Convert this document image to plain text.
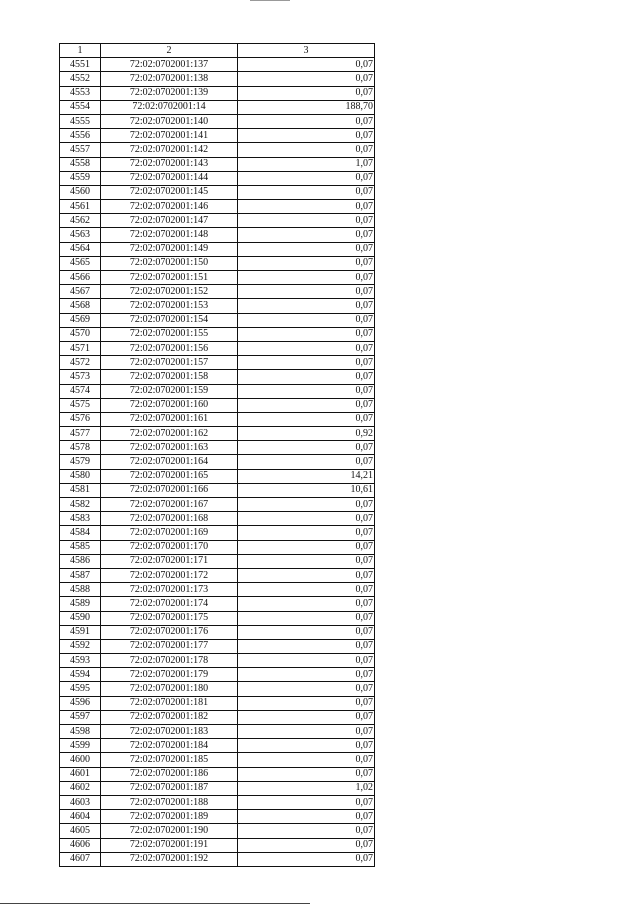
1	2	3
4551	72:02:0702001:137	0,07
4552	72:02:0702001:138	0,07
4553	72:02:0702001:139	0,07
4554	72:02:0702001:14	188,70
4555	72:02:0702001:140	0,07
4556	72:02:0702001:141	0,07
4557	72:02:0702001:142	0,07
4558	72:02:0702001:143	1,07
4559	72:02:0702001:144	0,07
4560	72:02:0702001:145	0,07
4561	72:02:0702001:146	0,07
4562	72:02:0702001:147	0,07
4563	72:02:0702001:148	0,07
4564	72:02:0702001:149	0,07
4565	72:02:0702001:150	0,07
4566	72:02:0702001:151	0,07
4567	72:02:0702001:152	0,07
4568	72:02:0702001:153	0,07
4569	72:02:0702001:154	0,07
4570	72:02:0702001:155	0,07
4571	72:02:0702001:156	0,07
4572	72:02:0702001:157	0,07
4573	72:02:0702001:158	0,07
4574	72:02:0702001:159	0,07
4575	72:02:0702001:160	0,07
4576	72:02:0702001:161	0,07
4577	72:02:0702001:162	0,92
4578	72:02:0702001:163	0,07
4579	72:02:0702001:164	0,07
4580	72:02:0702001:165	14,21
4581	72:02:0702001:166	10,61
4582	72:02:0702001:167	0,07
4583	72:02:0702001:168	0,07
4584	72:02:0702001:169	0,07
4585	72:02:0702001:170	0,07
4586	72:02:0702001:171	0,07
4587	72:02:0702001:172	0,07
4588	72:02:0702001:173	0,07
4589	72:02:0702001:174	0,07
4590	72:02:0702001:175	0,07
4591	72:02:0702001:176	0,07
4592	72:02:0702001:177	0,07
4593	72:02:0702001:178	0,07
4594	72:02:0702001:179	0,07
4595	72:02:0702001:180	0,07
4596	72:02:0702001:181	0,07
4597	72:02:0702001:182	0,07
4598	72:02:0702001:183	0,07
4599	72:02:0702001:184	0,07
4600	72:02:0702001:185	0,07
4601	72:02:0702001:186	0,07
4602	72:02:0702001:187	1,02
4603	72:02:0702001:188	0,07
4604	72:02:0702001:189	0,07
4605	72:02:0702001:190	0,07
4606	72:02:0702001:191	0,07
4607	72:02:0702001:192	0,07
